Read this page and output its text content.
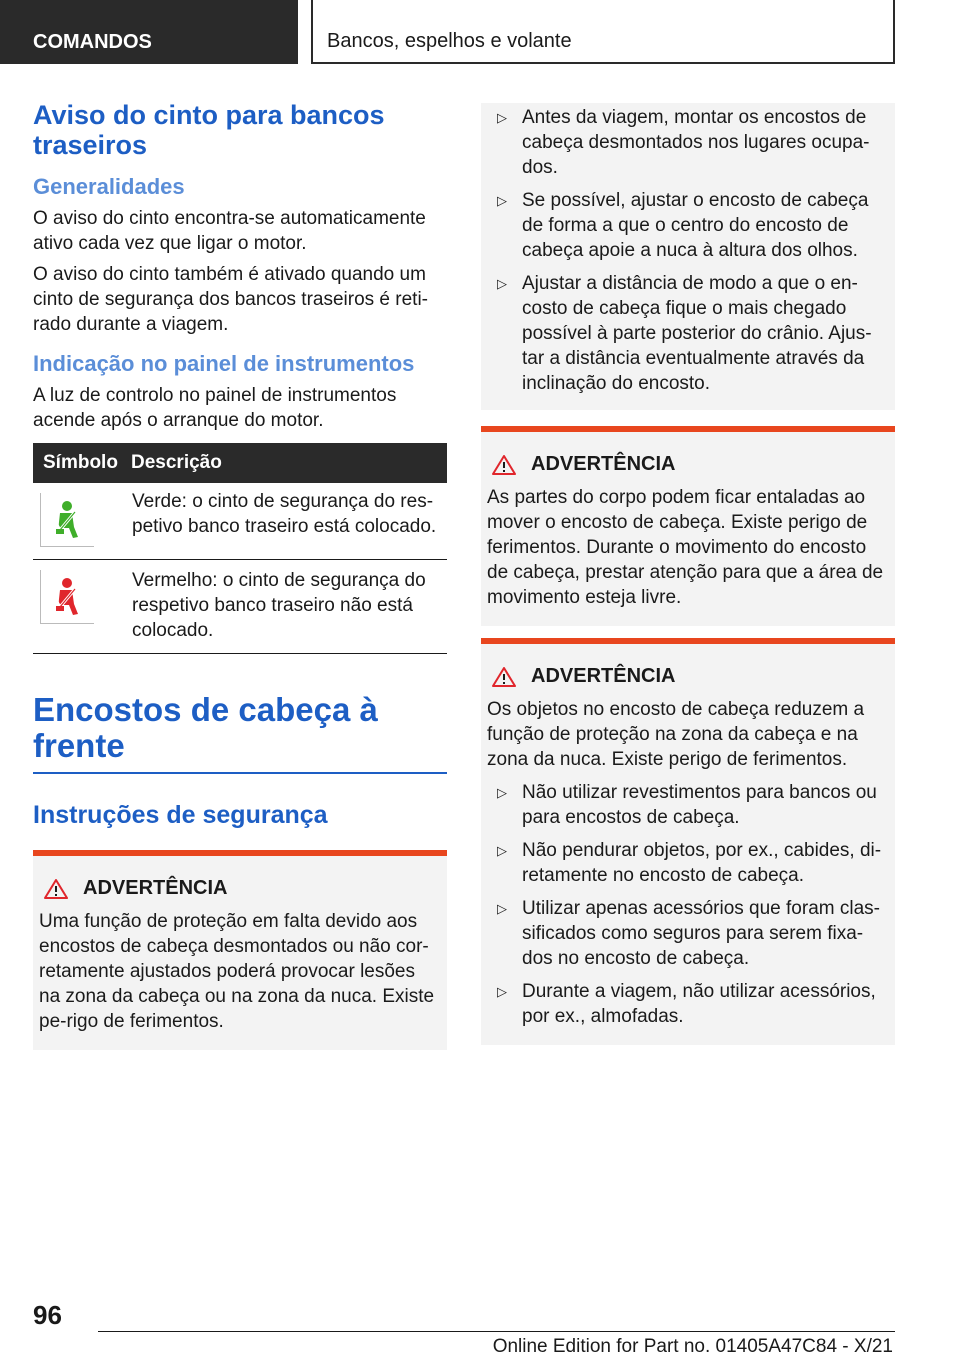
COMANDOS	Bancos, espelhos e volante
Aviso do cinto para bancos traseiros
Generalidades

O aviso do cinto encontra-se automaticamente ativo cada vez que ligar o motor.

O aviso do cinto também é ativado quando um cinto de segurança dos bancos traseiros é reti-rado durante a viagem.

Indicação no painel de instrumentos

A luz de controlo no painel de instrumentos acende após o arranque do motor.

Símbolo	Descrição

	Verde: o cinto de segurança do res-petivo banco traseiro está colocado.

	Vermelho: o cinto de segurança do respetivo banco traseiro não está colocado.
Encostos de cabeça à frente
Instruções de segurança
ADVERTÊNCIA

Uma função de proteção em falta devido aos encostos de cabeça desmontados ou não cor-retamente ajustados poderá provocar lesões na zona da cabeça ou na zona da nuca. Existe pe-rigo de ferimentos.

▷ Antes da viagem, montar os encostos de cabeça desmontados nos lugares ocupa-dos.
▷ Se possível, ajustar o encosto de cabeça de forma a que o centro do encosto de cabeça apoie a nuca à altura dos olhos.
▷ Ajustar a distância de modo a que o en-costo de cabeça fique o mais chegado possível à parte posterior do crânio. Ajus-tar a distância eventualmente através da inclinação do encosto.
ADVERTÊNCIA

As partes do corpo podem ficar entaladas ao mover o encosto de cabeça. Existe perigo de ferimentos. Durante o movimento do encosto de cabeça, prestar atenção para que a área de movimento esteja livre.

ADVERTÊNCIA

Os objetos no encosto de cabeça reduzem a função de proteção na zona da cabeça e na zona da nuca. Existe perigo de ferimentos.

▷ Não utilizar revestimentos para bancos ou para encostos de cabeça.
▷ Não pendurar objetos, por ex., cabides, di-retamente no encosto de cabeça.
▷ Utilizar apenas acessórios que foram clas-sificados como seguros para serem fixa-dos no encosto de cabeça.
▷ Durante a viagem, não utilizar acessórios, por ex., almofadas.
96
Online Edition for Part no. 01405A47C84 - X/21
